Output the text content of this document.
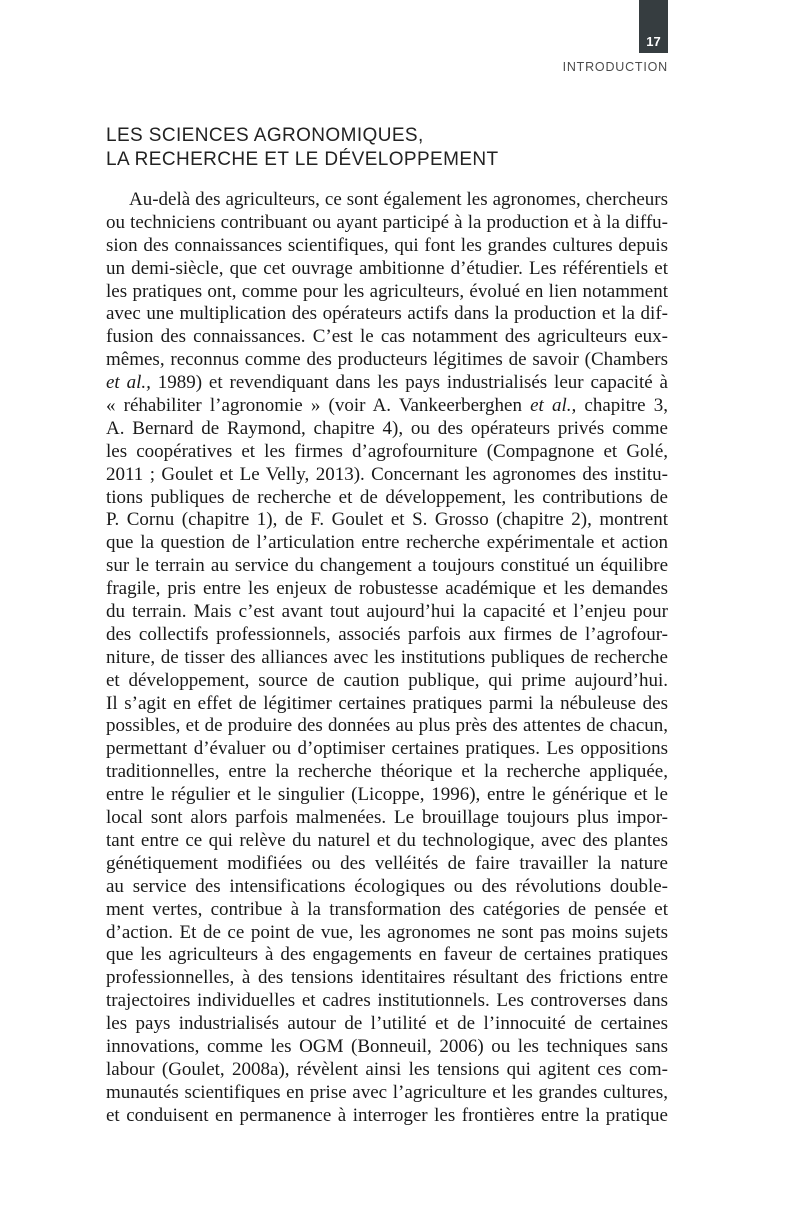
17
INTRODUCTION
LES SCIENCES AGRONOMIQUES,
LA RECHERCHE ET LE DÉVELOPPEMENT
Au-delà des agriculteurs, ce sont également les agronomes, chercheurs
ou techniciens contribuant ou ayant participé à la production et à la diffu-
sion des connaissances scientifiques, qui font les grandes cultures depuis
un demi-siècle, que cet ouvrage ambitionne d’étudier. Les référentiels et
les pratiques ont, comme pour les agriculteurs, évolué en lien notamment
avec une multiplication des opérateurs actifs dans la production et la dif-
fusion des connaissances. C’est le cas notamment des agriculteurs eux-
mêmes, reconnus comme des producteurs légitimes de savoir (Chambers
et al., 1989) et revendiquant dans les pays industrialisés leur capacité à
« réhabiliter l’agronomie » (voir A. Vankeerberghen et al., chapitre 3,
A. Bernard de Raymond, chapitre 4), ou des opérateurs privés comme
les coopératives et les firmes d’agrofourniture (Compagnone et Golé,
2011 ; Goulet et Le Velly, 2013). Concernant les agronomes des institu-
tions publiques de recherche et de développement, les contributions de
P. Cornu (chapitre 1), de F. Goulet et S. Grosso (chapitre 2), montrent
que la question de l’articulation entre recherche expérimentale et action
sur le terrain au service du changement a toujours constitué un équilibre
fragile, pris entre les enjeux de robustesse académique et les demandes
du terrain. Mais c’est avant tout aujourd’hui la capacité et l’enjeu pour
des collectifs professionnels, associés parfois aux firmes de l’agrofour-
niture, de tisser des alliances avec les institutions publiques de recherche
et développement, source de caution publique, qui prime aujourd’hui.
Il s’agit en effet de légitimer certaines pratiques parmi la nébuleuse des
possibles, et de produire des données au plus près des attentes de chacun,
permettant d’évaluer ou d’optimiser certaines pratiques. Les oppositions
traditionnelles, entre la recherche théorique et la recherche appliquée,
entre le régulier et le singulier (Licoppe, 1996), entre le générique et le
local sont alors parfois malmenées. Le brouillage toujours plus impor-
tant entre ce qui relève du naturel et du technologique, avec des plantes
génétiquement modifiées ou des velléités de faire travailler la nature
au service des intensifications écologiques ou des révolutions double-
ment vertes, contribue à la transformation des catégories de pensée et
d’action. Et de ce point de vue, les agronomes ne sont pas moins sujets
que les agriculteurs à des engagements en faveur de certaines pratiques
professionnelles, à des tensions identitaires résultant des frictions entre
trajectoires individuelles et cadres institutionnels. Les controverses dans
les pays industrialisés autour de l’utilité et de l’innocuité de certaines
innovations, comme les OGM (Bonneuil, 2006) ou les techniques sans
labour (Goulet, 2008a), révèlent ainsi les tensions qui agitent ces com-
munautés scientifiques en prise avec l’agriculture et les grandes cultures,
et conduisent en permanence à interroger les frontières entre la pratique
